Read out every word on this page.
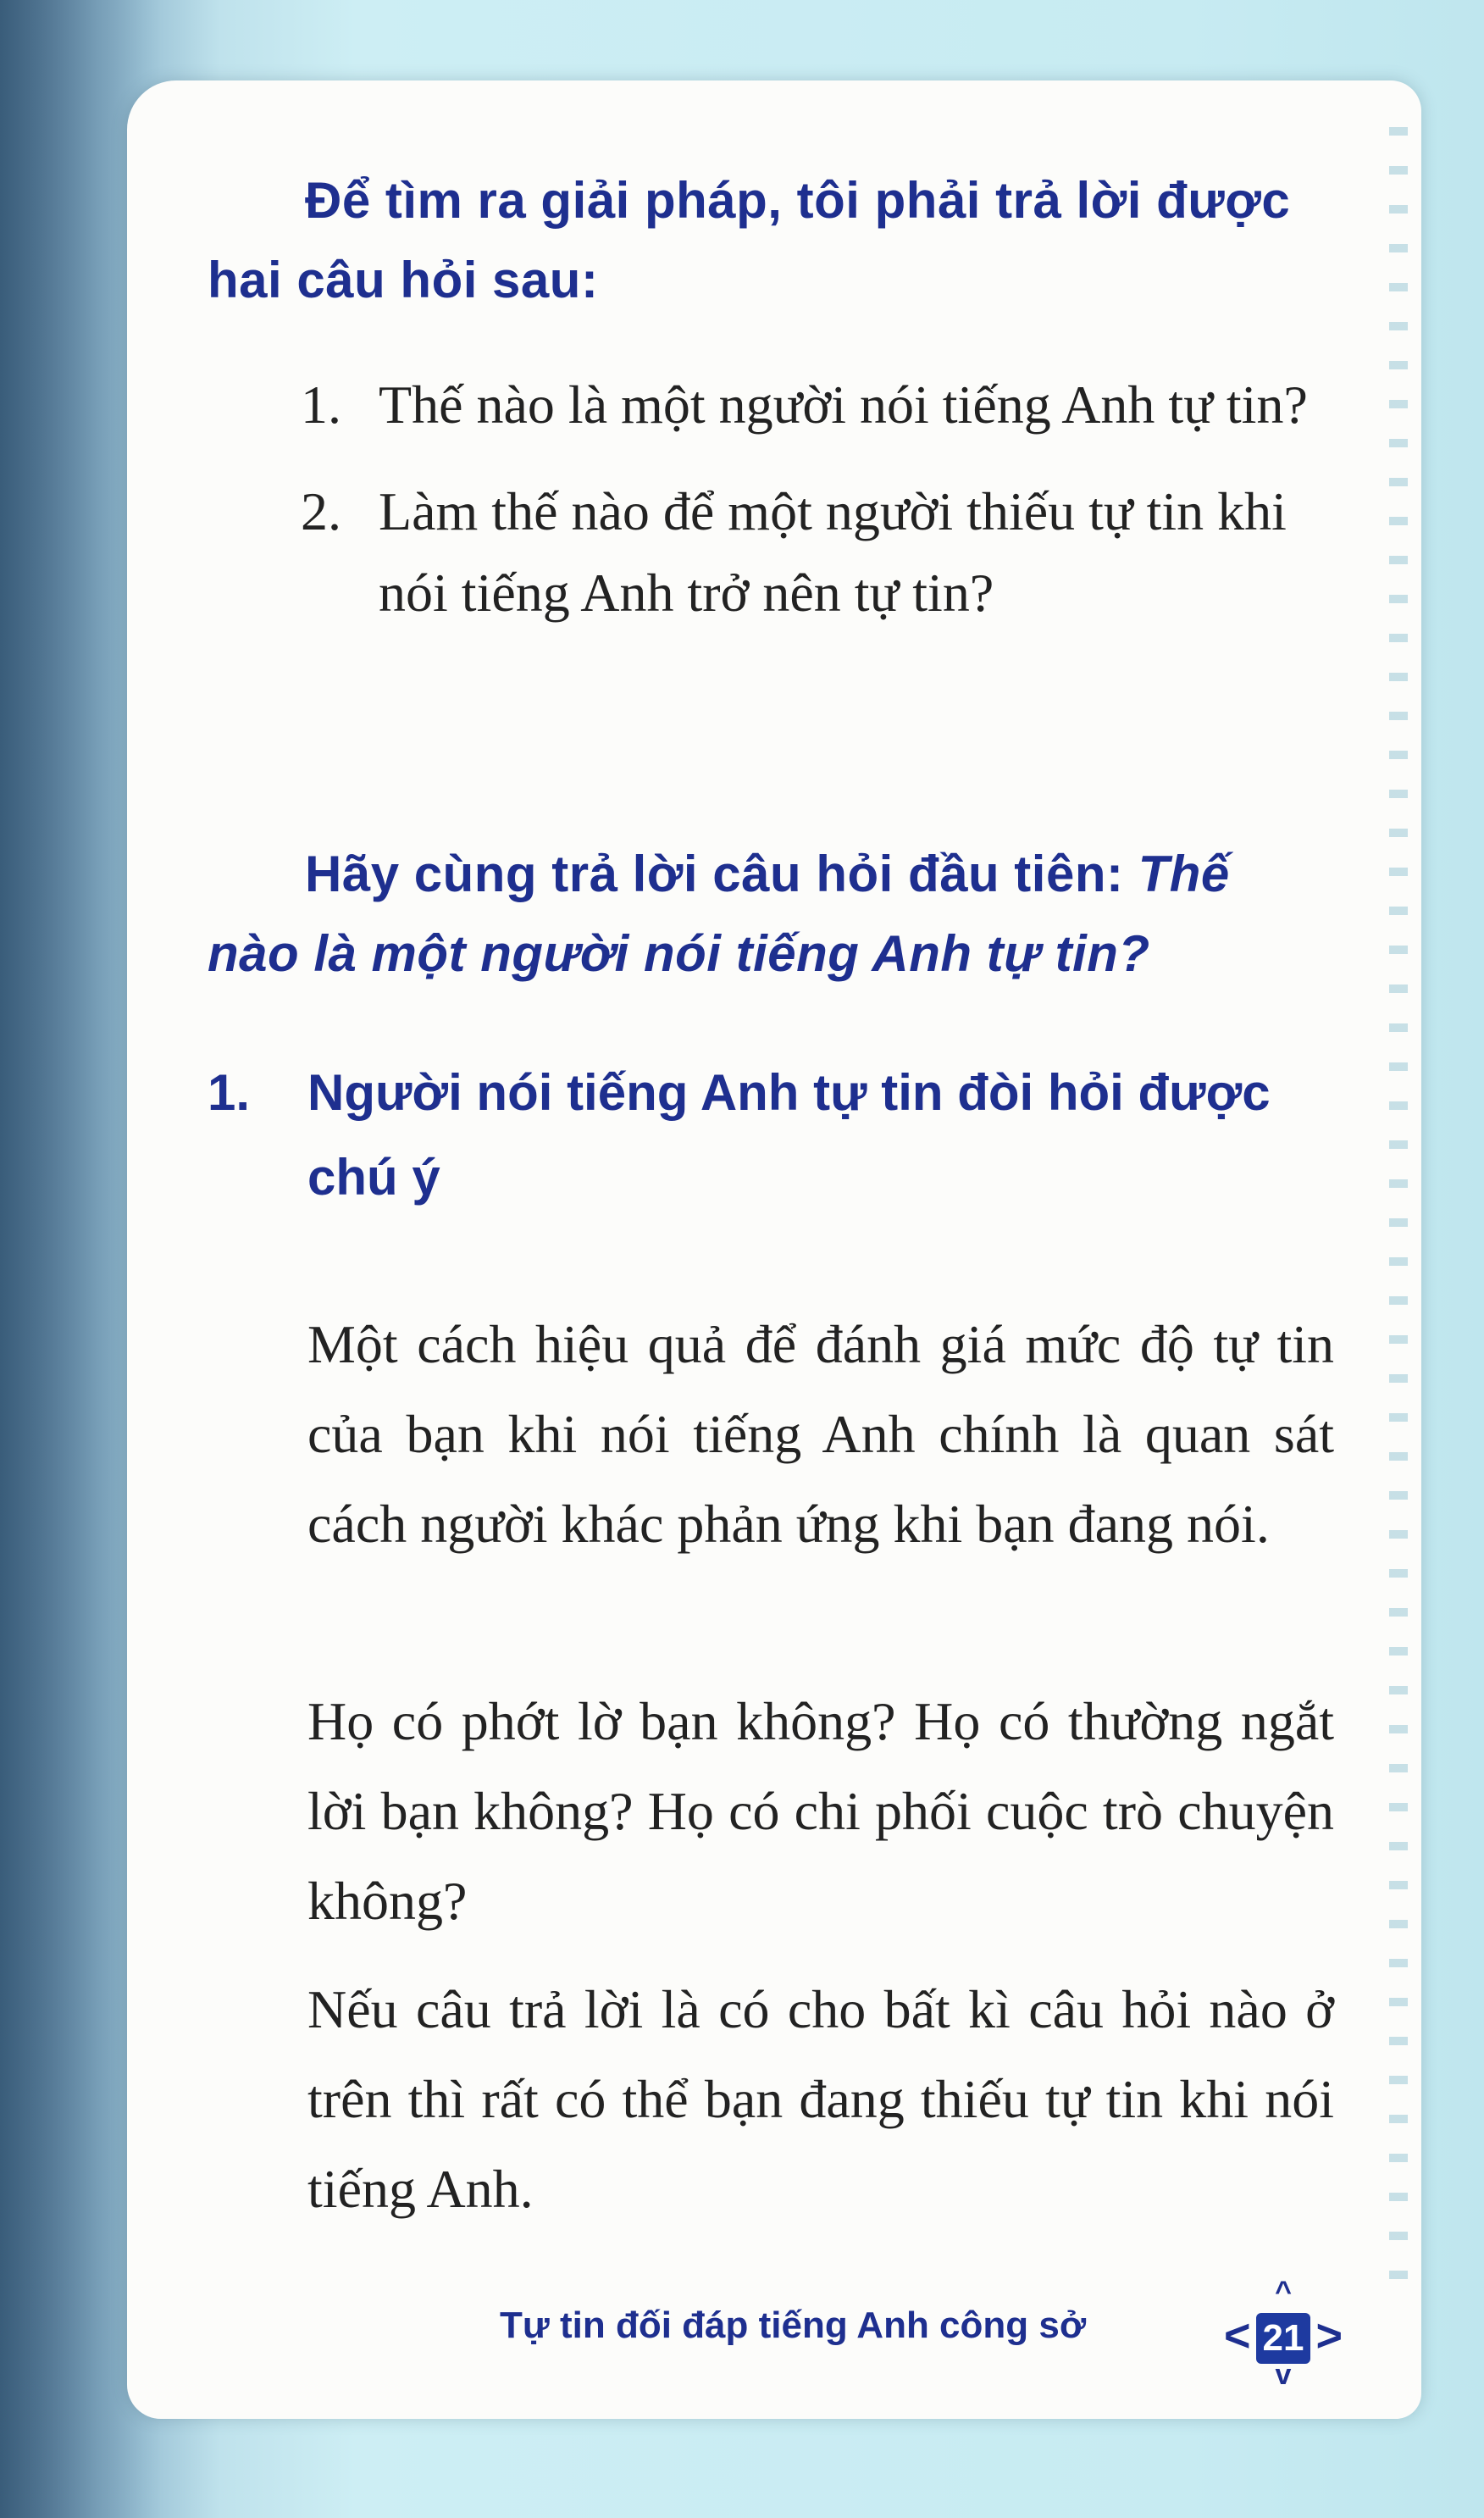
Để tìm ra giải pháp, tôi phải trả lời được hai câu hỏi sau:

1. Thế nào là một người nói tiếng Anh tự tin?
2. Làm thế nào để một người thiếu tự tin khi nói tiếng Anh trở nên tự tin?

Hãy cùng trả lời câu hỏi đầu tiên: Thế nào là một người nói tiếng Anh tự tin?

1.	Người nói tiếng Anh tự tin đòi hỏi được chú ý

Một cách hiệu quả để đánh giá mức độ tự tin của bạn khi nói tiếng Anh chính là quan sát cách người khác phản ứng khi bạn đang nói.

Họ có phớt lờ bạn không? Họ có thường ngắt lời bạn không? Họ có chi phối cuộc trò chuyện không?

Nếu câu trả lời là có cho bất kì câu hỏi nào ở trên thì rất có thể bạn đang thiếu tự tin khi nói tiếng Anh.

Tự tin đối đáp tiếng Anh công sở
^
< 21 >
v
